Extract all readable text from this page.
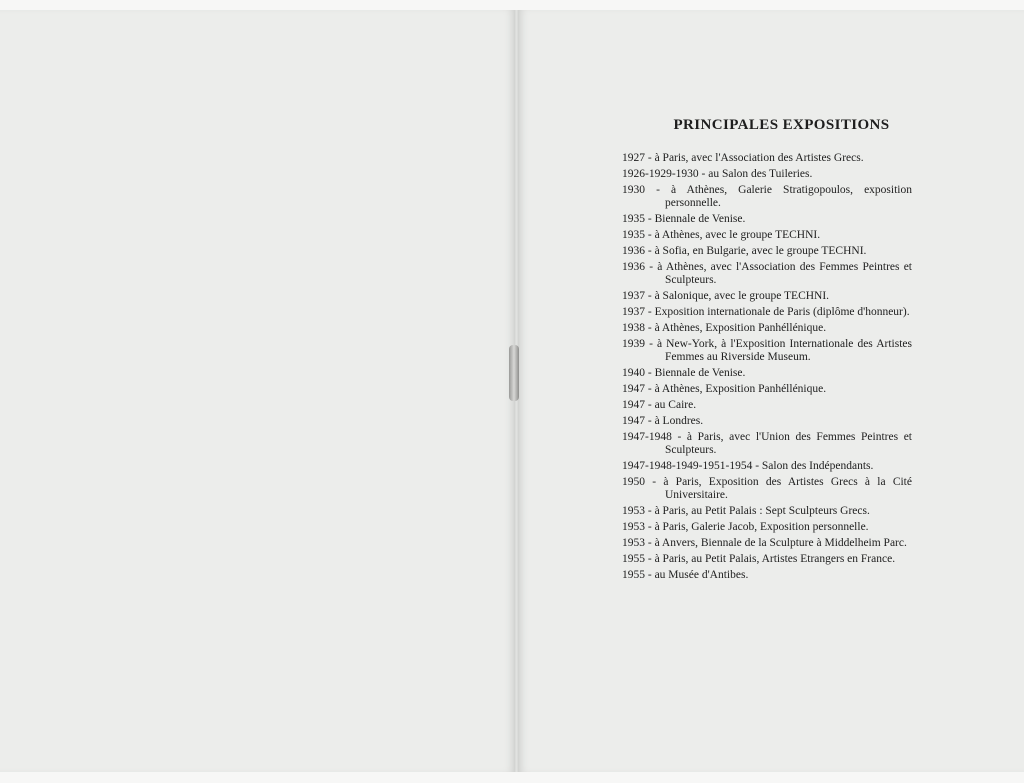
PRINCIPALES EXPOSITIONS
1927 - à Paris, avec l'Association des Artistes Grecs.
1926-1929-1930 - au Salon des Tuileries.
1930 - à Athènes, Galerie Stratigopoulos, exposition personnelle.
1935 - Biennale de Venise.
1935 - à Athènes, avec le groupe TECHNI.
1936 - à Sofia, en Bulgarie, avec le groupe TECHNI.
1936 - à Athènes, avec l'Association des Femmes Peintres et Sculpteurs.
1937 - à Salonique, avec le groupe TECHNI.
1937 - Exposition internationale de Paris (diplôme d'honneur).
1938 - à Athènes, Exposition Panhéllénique.
1939 - à New-York, à l'Exposition Internationale des Artistes Femmes au Riverside Museum.
1940 - Biennale de Venise.
1947 - à Athènes, Exposition Panhéllénique.
1947 - au Caire.
1947 - à Londres.
1947-1948 - à Paris, avec l'Union des Femmes Peintres et Sculpteurs.
1947-1948-1949-1951-1954 - Salon des Indépendants.
1950 - à Paris, Exposition des Artistes Grecs à la Cité Universitaire.
1953 - à Paris, au Petit Palais : Sept Sculpteurs Grecs.
1953 - à Paris, Galerie Jacob, Exposition personnelle.
1953 - à Anvers, Biennale de la Sculpture à Middelheim Parc.
1955 - à Paris, au Petit Palais, Artistes Etrangers en France.
1955 - au Musée d'Antibes.
